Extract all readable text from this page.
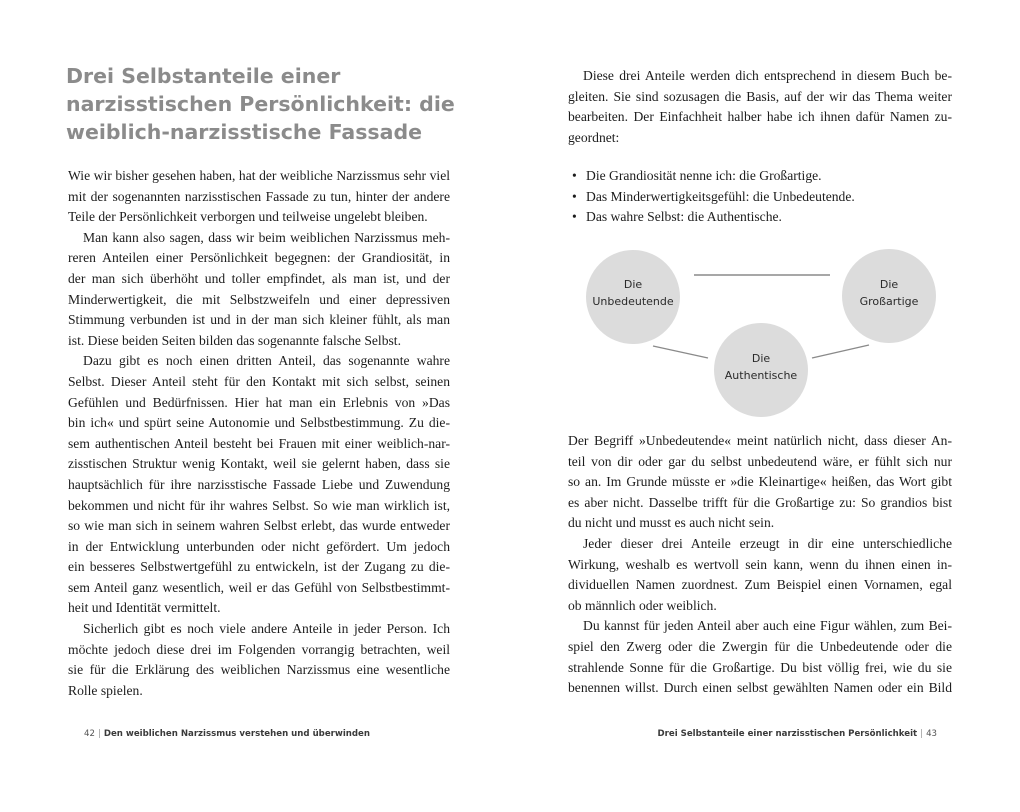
Drei Selbstanteile einer
narzisstischen Persönlichkeit: die
weiblich-narzisstische Fassade

Wie wir bisher gesehen haben, hat der weibliche Narzissmus sehr viel

mit der sogenannten narzisstischen Fassade zu tun, hinter der andere

Teile der Persönlichkeit verborgen und teilweise ungelebt bleiben.

Man kann also sagen, dass wir beim weiblichen Narzissmus meh-

reren Anteilen einer Persönlichkeit begegnen: der Grandiosität, in

der man sich überhöht und toller empfindet, als man ist, und der

Minderwertigkeit, die mit Selbstzweifeln und einer depressiven

Stimmung verbunden ist und in der man sich kleiner fühlt, als man

ist. Diese beiden Seiten bilden das sogenannte falsche Selbst.

Dazu gibt es noch einen dritten Anteil, das sogenannte wahre

Selbst. Dieser Anteil steht für den Kontakt mit sich selbst, seinen

Gefühlen und Bedürfnissen. Hier hat man ein Erlebnis von »Das

bin ich« und spürt seine Autonomie und Selbstbestimmung. Zu die-

sem authentischen Anteil besteht bei Frauen mit einer weiblich-nar-

zisstischen Struktur wenig Kontakt, weil sie gelernt haben, dass sie

hauptsächlich für ihre narzisstische Fassade Liebe und Zuwendung

bekommen und nicht für ihr wahres Selbst. So wie man wirklich ist,

so wie man sich in seinem wahren Selbst erlebt, das wurde entweder

in der Entwicklung unterbunden oder nicht gefördert. Um jedoch

ein besseres Selbstwertgefühl zu entwickeln, ist der Zugang zu die-

sem Anteil ganz wesentlich, weil er das Gefühl von Selbstbestimmt-

heit und Identität vermittelt.

Sicherlich gibt es noch viele andere Anteile in jeder Person. Ich

möchte jedoch diese drei im Folgenden vorrangig betrachten, weil

sie für die Erklärung des weiblichen Narzissmus eine wesentliche

Rolle spielen.

Diese drei Anteile werden dich entsprechend in diesem Buch be-

gleiten. Sie sind sozusagen die Basis, auf der wir das Thema weiter

bearbeiten. Der Einfachheit halber habe ich ihnen dafür Namen zu-

geordnet:

• Die Grandiosität nenne ich: die Großartige.
• Das Minderwertigkeitsgefühl: die Unbedeutende.
• Das wahre Selbst: die Authentische.
Die
Unbedeutende
Die
Großartige
Die
Authentische

Der Begriff »Unbedeutende« meint natürlich nicht, dass dieser An-

teil von dir oder gar du selbst unbedeutend wäre, er fühlt sich nur

so an. Im Grunde müsste er »die Kleinartige« heißen, das Wort gibt

es aber nicht. Dasselbe trifft für die Großartige zu: So grandios bist

du nicht und musst es auch nicht sein.

Jeder dieser drei Anteile erzeugt in dir eine unterschiedliche

Wirkung, weshalb es wertvoll sein kann, wenn du ihnen einen in-

dividuellen Namen zuordnest. Zum Beispiel einen Vornamen, egal

ob männlich oder weiblich.

Du kannst für jeden Anteil aber auch eine Figur wählen, zum Bei-

spiel den Zwerg oder die Zwergin für die Unbedeutende oder die

strahlende Sonne für die Großartige. Du bist völlig frei, wie du sie

benennen willst. Durch einen selbst gewählten Namen oder ein Bild

42 | Den weiblichen Narzissmus verstehen und überwinden	Drei Selbstanteile einer narzisstischen Persönlichkeit | 43
